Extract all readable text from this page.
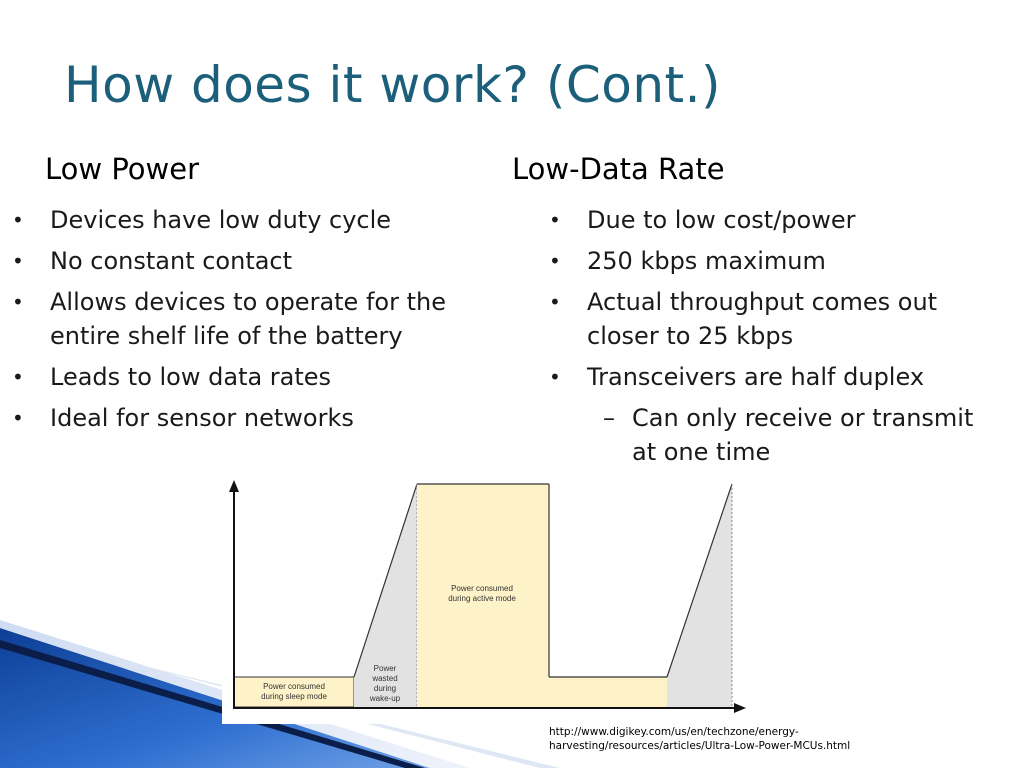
How does it work? (Cont.)
Low Power	Low-Data Rate
• Devices have low duty cycle
• No constant contact
• Allows devices to operate for the entire shelf life of the battery
• Leads to low data rates
• Ideal for sensor networks
• Due to low cost/power
• 250 kbps maximum
• Actual throughput comes out closer to 25 kbps
• Transceivers are half duplex
– Can only receive or transmit at one time
Power consumed
during sleep mode
Power
wasted
during
wake-up
Power consumed
during active mode
http://www.digikey.com/us/en/techzone/energy-
harvesting/resources/articles/Ultra-Low-Power-MCUs.html
